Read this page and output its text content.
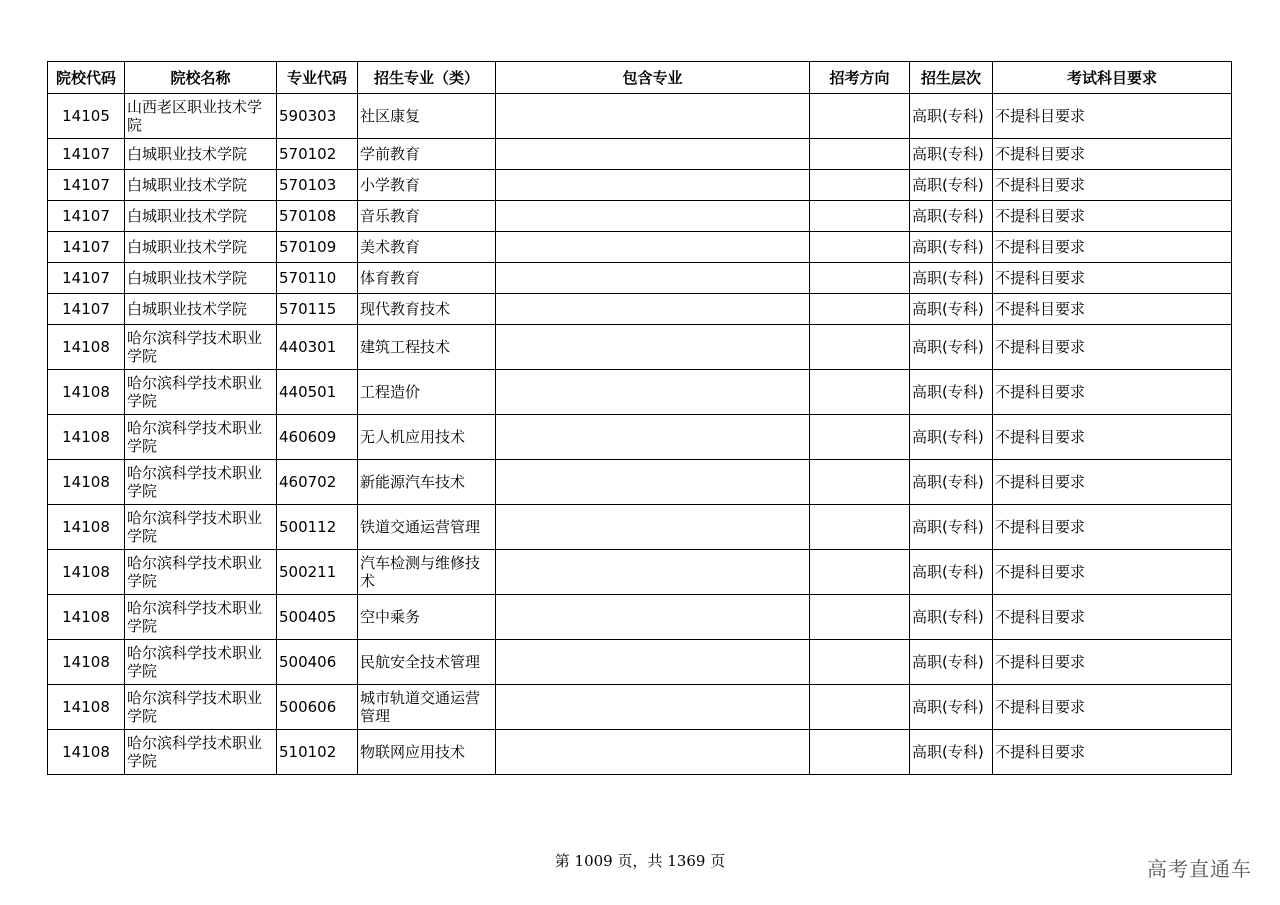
院校代码	院校名称	专业代码	招生专业（类）	包含专业	招考方向	招生层次	考试科目要求
14105	山西老区职业技术学院	590303	社区康复			高职(专科)	不提科目要求
14107	白城职业技术学院	570102	学前教育			高职(专科)	不提科目要求
14107	白城职业技术学院	570103	小学教育			高职(专科)	不提科目要求
14107	白城职业技术学院	570108	音乐教育			高职(专科)	不提科目要求
14107	白城职业技术学院	570109	美术教育			高职(专科)	不提科目要求
14107	白城职业技术学院	570110	体育教育			高职(专科)	不提科目要求
14107	白城职业技术学院	570115	现代教育技术			高职(专科)	不提科目要求
14108	哈尔滨科学技术职业学院	440301	建筑工程技术			高职(专科)	不提科目要求
14108	哈尔滨科学技术职业学院	440501	工程造价			高职(专科)	不提科目要求
14108	哈尔滨科学技术职业学院	460609	无人机应用技术			高职(专科)	不提科目要求
14108	哈尔滨科学技术职业学院	460702	新能源汽车技术			高职(专科)	不提科目要求
14108	哈尔滨科学技术职业学院	500112	铁道交通运营管理			高职(专科)	不提科目要求
14108	哈尔滨科学技术职业学院	500211	汽车检测与维修技术			高职(专科)	不提科目要求
14108	哈尔滨科学技术职业学院	500405	空中乘务			高职(专科)	不提科目要求
14108	哈尔滨科学技术职业学院	500406	民航安全技术管理			高职(专科)	不提科目要求
14108	哈尔滨科学技术职业学院	500606	城市轨道交通运营管理			高职(专科)	不提科目要求
14108	哈尔滨科学技术职业学院	510102	物联网应用技术			高职(专科)	不提科目要求
第 1009 页，共 1369 页	高考直通车
